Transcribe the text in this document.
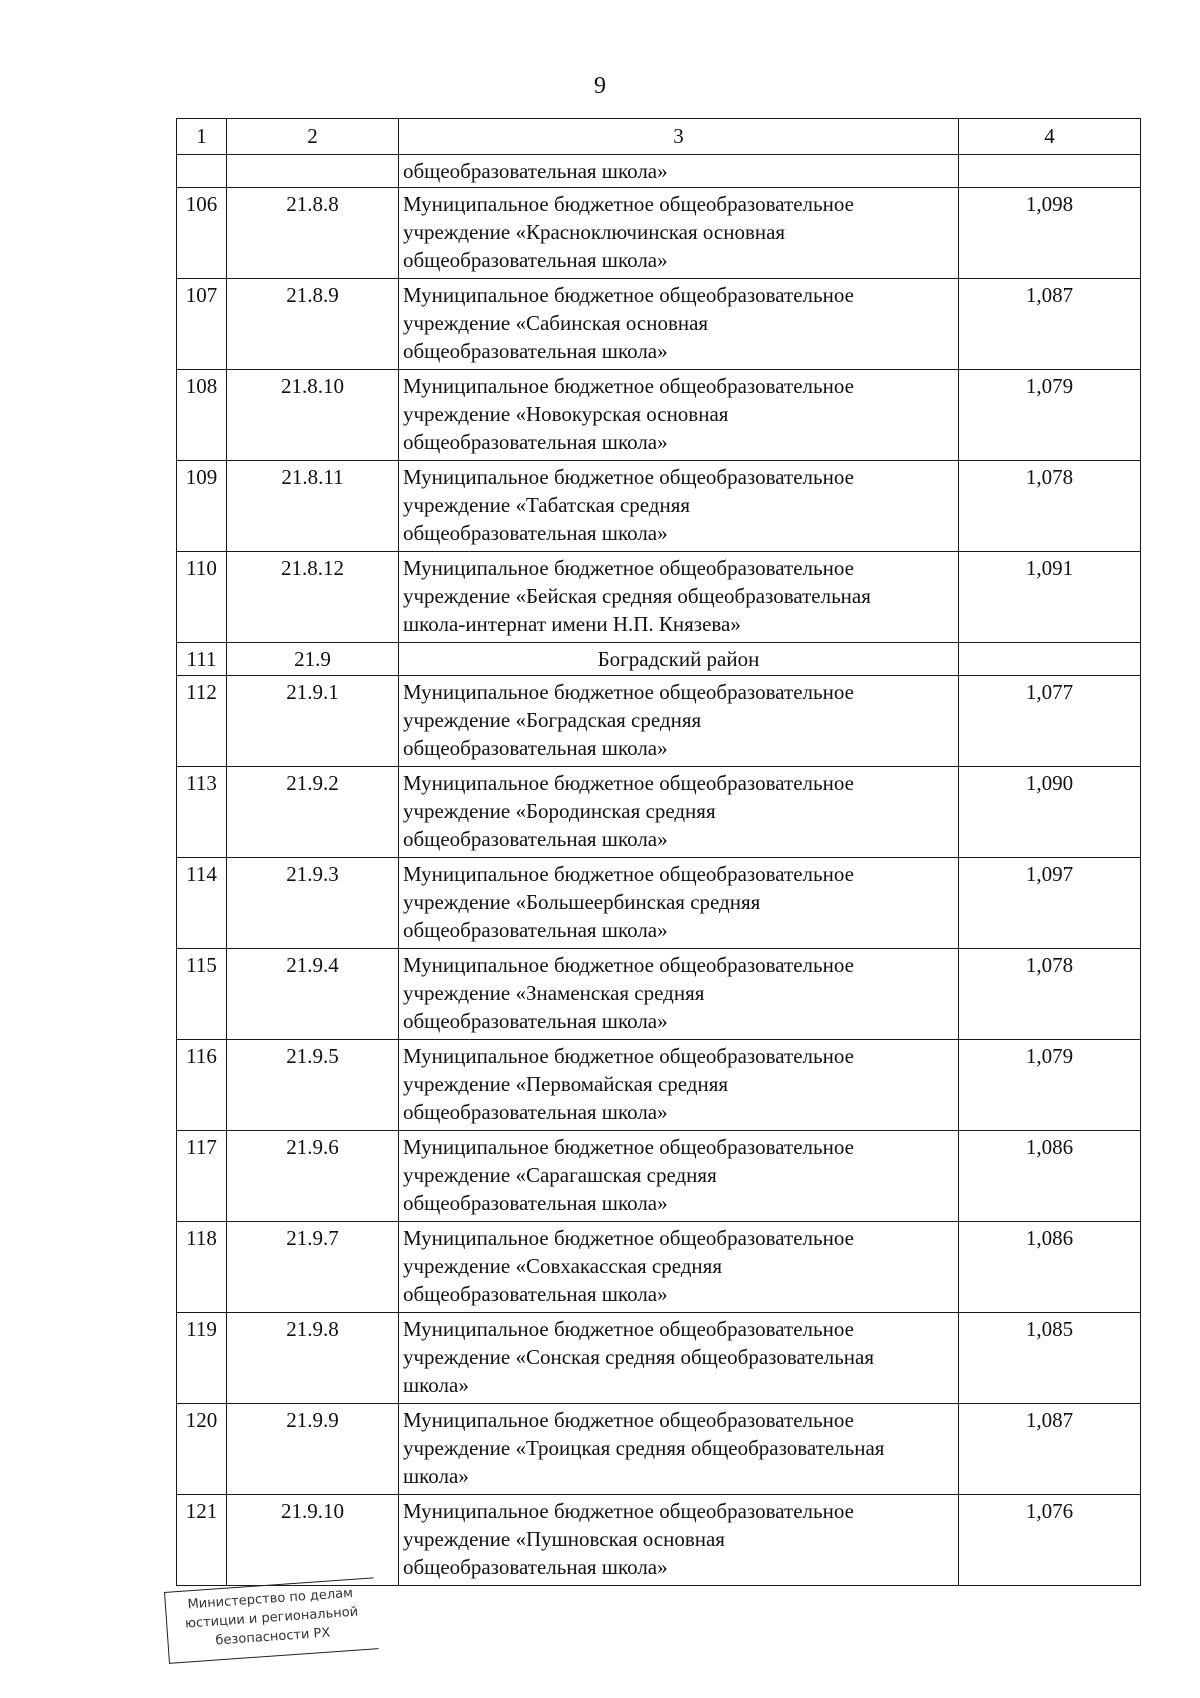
9
1	2	3	4
		общеобразовательная школа»	
106	21.8.8	Муниципальное бюджетное общеобразовательное
учреждение «Красноключинская основная
общеобразовательная школа»	1,098
107	21.8.9	Муниципальное бюджетное общеобразовательное
учреждение «Сабинская основная
общеобразовательная школа»	1,087
108	21.8.10	Муниципальное бюджетное общеобразовательное
учреждение «Новокурская основная
общеобразовательная школа»	1,079
109	21.8.11	Муниципальное бюджетное общеобразовательное
учреждение «Табатская средняя
общеобразовательная школа»	1,078
110	21.8.12	Муниципальное бюджетное общеобразовательное
учреждение «Бейская средняя общеобразовательная
школа-интернат имени Н.П. Князева»	1,091
111	21.9	Боградский район	
112	21.9.1	Муниципальное бюджетное общеобразовательное
учреждение «Боградская средняя
общеобразовательная школа»	1,077
113	21.9.2	Муниципальное бюджетное общеобразовательное
учреждение «Бородинская средняя
общеобразовательная школа»	1,090
114	21.9.3	Муниципальное бюджетное общеобразовательное
учреждение «Большеербинская средняя
общеобразовательная школа»	1,097
115	21.9.4	Муниципальное бюджетное общеобразовательное
учреждение «Знаменская средняя
общеобразовательная школа»	1,078
116	21.9.5	Муниципальное бюджетное общеобразовательное
учреждение «Первомайская средняя
общеобразовательная школа»	1,079
117	21.9.6	Муниципальное бюджетное общеобразовательное
учреждение «Сарагашская средняя
общеобразовательная школа»	1,086
118	21.9.7	Муниципальное бюджетное общеобразовательное
учреждение «Совхакасская средняя
общеобразовательная школа»	1,086
119	21.9.8	Муниципальное бюджетное общеобразовательное
учреждение «Сонская средняя общеобразовательная
школа»	1,085
120	21.9.9	Муниципальное бюджетное общеобразовательное
учреждение «Троицкая средняя общеобразовательная
школа»	1,087
121	21.9.10	Муниципальное бюджетное общеобразовательное
учреждение «Пушновская основная
общеобразовательная школа»	1,076
Министерство по делам
юстиции и региональной
безопасности РХ
